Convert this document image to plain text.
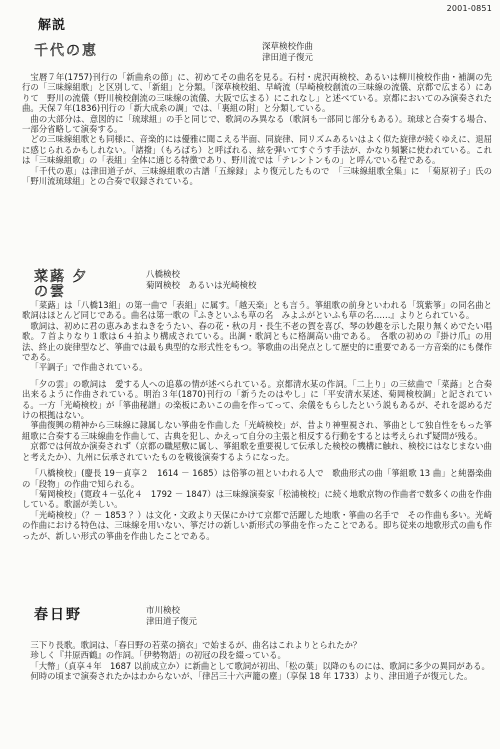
2001-0851
解説
千代の恵	深草検校作曲
津田道子復元

宝暦７年(1757)刊行の「新曲糸の節」に、初めてその曲名を見る。石村・虎沢両検校、あるいは柳川検校作曲・補調の先行の「三味線組歌」と区別して、「新組」と分類。「深草検校組、早崎流（早崎検校創流の三味線の流儀、京都で広まる）にありて　野川の流儀（野川検校創流の三味線の流儀、大阪で広まる）にこれなし」と述べている。京都においてのみ演奏された曲。天保７年(1836)刊行の「新大成糸の調」では、「裏組の附」と分類している。

曲の大部分は、意図的に「琉球組」の手と同じで、歌詞のみ異なる（歌詞も一部同じ部分もある）。琉球と合奏する場合、一部分省略して演奏する。

どの三味線組歌とも同様に、音楽的には優雅に聞こえる半面、同旋律、同リズムあるいはよく似た旋律が続くゆえに、退屈に感じられるかもしれない。「諸撥」（もろばち）と呼ばれる、絃を弾いてすぐうす手法が、かなり頻繁に使われている。これは「三味線組歌」の「表組」全体に通じる特徴であり、野川流では「テレントンもの」と呼んでいる程である。

「千代の恵」は津田道子が、三味線組歌の古譜「五線録」より復元したもので　「三味線組歌全集」に　「菊原初子」氏の「野川流琉球組」との合奏で収録されている。

菜蕗 夕の雲
八橋検校
菊岡検校　あるいは光崎検校

「菜蕗」は「八橋13組」の第一曲で「表組」に属す。「越天楽」とも言う。箏組歌の前身といわれる「筑紫箏」の同名曲と歌詞はほとんど同じである。曲名は第一歌の『ふきといふも草の名　みよふがといふも草の名……』よりとられている。

歌詞は、初めに君の恵みあまねきをうたい、春の花・秋の月・長生不老の賀を喜び、琴の妙趣を示した限り無くめでたい唱歌。７首よりなり１歌は６４拍より構成されている。出調・歌詞ともに格調高い曲である。　各歌の初めの『掛け爪』の用法、終止の旋律型など、箏曲では最も典型的な形式性をもつ。箏歌曲の出発点として歴史的に重要である一方音楽的にも傑作である。

「平調子」で作曲されている。

「夕の雲」の歌詞は　愛する人への追慕の情が述べられている。京都清水某の作詞。「二上り」の三絃曲で「菜蕗」と合奏出来るように作曲されている。明治３年(1870)刊行の「新うたのはやし」に「平安清水某述、菊岡検校調」と記されている。一方「光崎検校」が「箏曲秘譜」の楽板にあいこの曲を作ってって、余儀をもらしたという説もあるが、それを認めるだけの根拠はない。

箏曲復興の精神から三味線に隷属しない箏曲を作曲した「光崎検校」が、昔より神聖視され、箏曲として独自性をもった箏組歌に合奏する三味線曲を作曲して、古典を犯し、かえって自分の主張と相反する行動をするとは考えられず疑問が残る。

京都では何故か演奏されず（京都の職屋敷に属し、箏組歌を重要視して伝承した検校の機構に触れ、検校にはなじまない曲と考えたか）、九州に伝承されていたものを戦後演奏するようになった。

「八橋検校」(慶長 19－貞享２　1614 － 1685）は俗箏の祖といわれる人で　歌曲形式の曲「箏組歌 13 曲」と純器楽曲の「段物」の作曲で知られる。

「菊岡検校」(寛政４－弘化４　1792 － 1847）は三味線演奏家「松浦検校」に続く地歌京物の作曲者で数多くの曲を作曲している。歌謡が美しい。

「光崎検校」（？－ 1853 ？）は文化・文政より天保にかけて京都で活躍した地歌・箏曲の名手で　その作曲も多い。光崎の作曲における特色は、三味線を用いない、箏だけの新しい新形式の箏曲を作ったことである。即ち従来の地歌形式の曲も作ったが、新しい形式の箏曲を作曲したことである。

春日野	市川検校
津田道子復元

三下り長歌。歌詞は、「春日野の若菜の摘衣」で始まるが、曲名はこれよりとられたか？

珍しく『井原西鶴』の作詞。「伊勢物語」の初冠の段を綴っている。

「大幣」（貞享４年　1687 以前成立か）に新曲として歌詞が初出、「松の葉」以降のものには、歌詞に多少の異同がある。

何時の頃まで演奏されたかはわからないが、「律呂三十六声籠の塵」（享保 18 年 1733）より、津田道子が復元した。
